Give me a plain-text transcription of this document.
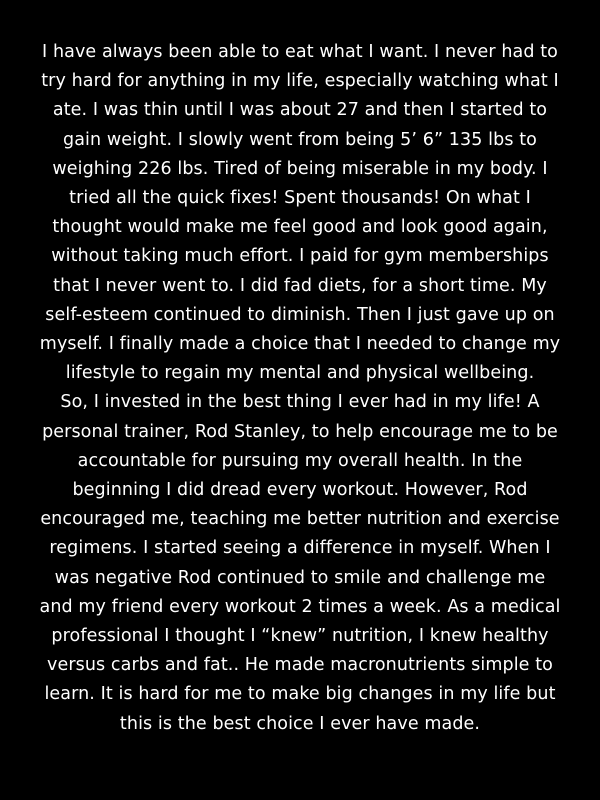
I have always been able to eat what I want. I never had to
try hard for anything in my life, especially watching what I
ate. I was thin until I was about 27 and then I started to
gain weight. I slowly went from being 5’ 6” 135 lbs to
weighing 226 lbs. Tired of being miserable in my body. I
tried all the quick fixes! Spent thousands! On what I
thought would make me feel good and look good again,
without taking much effort. I paid for gym memberships
that I never went to. I did fad diets, for a short time. My
self-esteem continued to diminish. Then I just gave up on
myself. I finally made a choice that I needed to change my
lifestyle to regain my mental and physical wellbeing.
So, I invested in the best thing I ever had in my life! A
personal trainer, Rod Stanley, to help encourage me to be
accountable for pursuing my overall health. In the
beginning I did dread every workout. However, Rod
encouraged me, teaching me better nutrition and exercise
regimens. I started seeing a difference in myself. When I
was negative Rod continued to smile and challenge me
and my friend every workout 2 times a week. As a medical
professional I thought I “knew” nutrition, I knew healthy
versus carbs and fat.. He made macronutrients simple to
learn. It is hard for me to make big changes in my life but
this is the best choice I ever have made.
